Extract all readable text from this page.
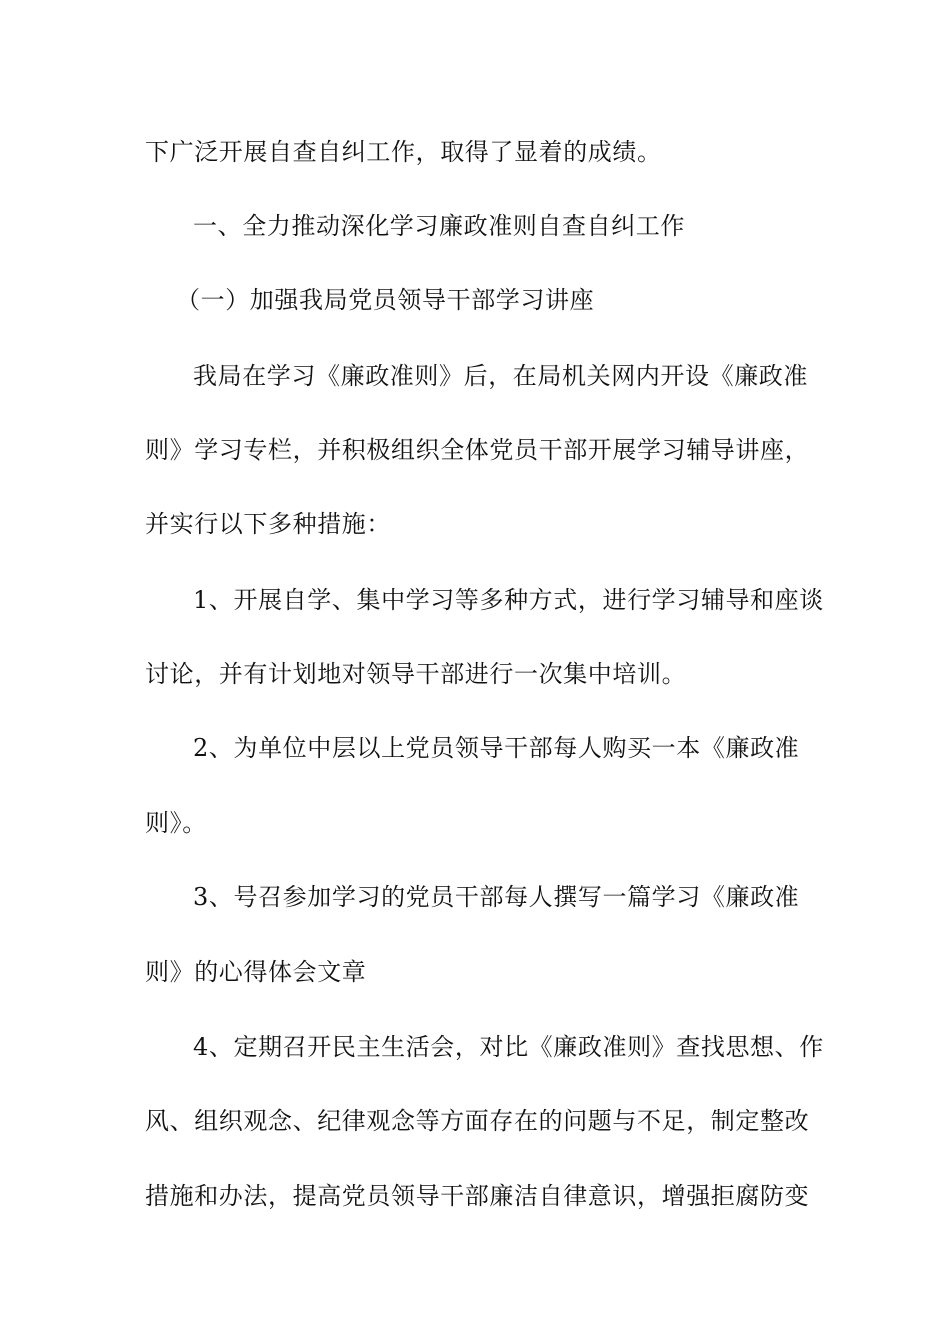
下广泛开展自查自纠工作，取得了显着的成绩。
一、全力推动深化学习廉政准则自查自纠工作
（一）加强我局党员领导干部学习讲座
我局在学习《廉政准则》后，在局机关网内开设《廉政准
则》学习专栏，并积极组织全体党员干部开展学习辅导讲座，
并实行以下多种措施：
1、开展自学、集中学习等多种方式，进行学习辅导和座谈
讨论，并有计划地对领导干部进行一次集中培训。
2、为单位中层以上党员领导干部每人购买一本《廉政准
则》。
3、号召参加学习的党员干部每人撰写一篇学习《廉政准
则》的心得体会文章
4、定期召开民主生活会，对比《廉政准则》查找思想、作
风、组织观念、纪律观念等方面存在的问题与不足，制定整改
措施和办法，提高党员领导干部廉洁自律意识，增强拒腐防变
